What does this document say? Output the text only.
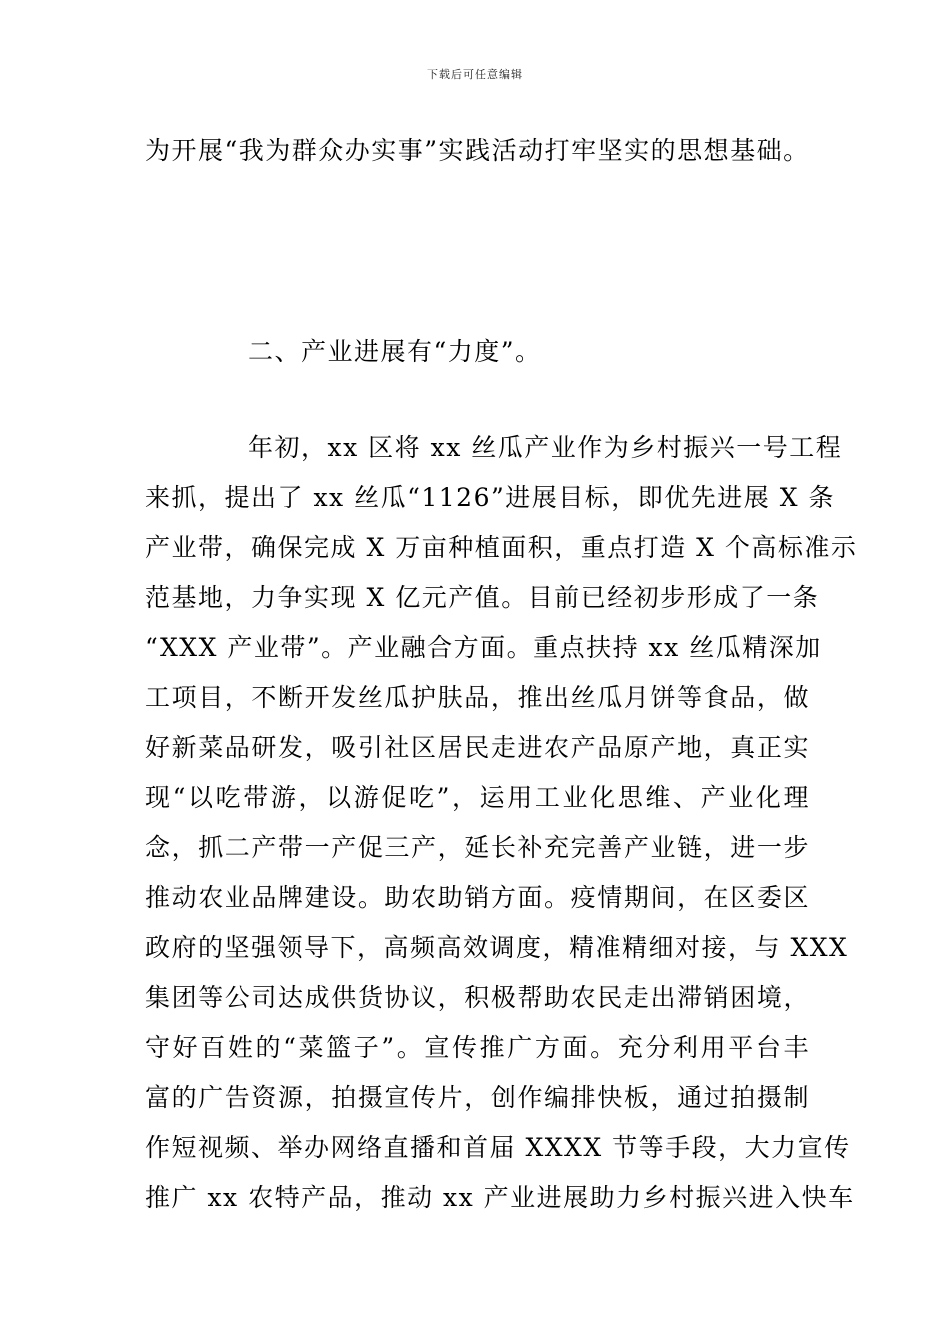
下载后可任意编辑
为开展“我为群众办实事”实践活动打牢坚实的思想基础。
二、产业进展有“力度”。
年初，xx 区将 xx 丝瓜产业作为乡村振兴一号工程
来抓，提出了 xx 丝瓜“1126”进展目标，即优先进展 X 条
产业带，确保完成 X 万亩种植面积，重点打造 X 个高标准示
范基地，力争实现 X 亿元产值。目前已经初步形成了一条
“XXX 产业带”。产业融合方面。重点扶持 xx 丝瓜精深加
工项目，不断开发丝瓜护肤品，推出丝瓜月饼等食品，做
好新菜品研发，吸引社区居民走进农产品原产地，真正实
现“以吃带游，以游促吃”，运用工业化思维、产业化理
念，抓二产带一产促三产，延长补充完善产业链，进一步
推动农业品牌建设。助农助销方面。疫情期间，在区委区
政府的坚强领导下，高频高效调度，精准精细对接，与 XXX
集团等公司达成供货协议，积极帮助农民走出滞销困境，
守好百姓的“菜篮子”。宣传推广方面。充分利用平台丰
富的广告资源，拍摄宣传片，创作编排快板，通过拍摄制
作短视频、举办网络直播和首届 XXXX 节等手段，大力宣传
推广 xx 农特产品，推动 xx 产业进展助力乡村振兴进入快车
